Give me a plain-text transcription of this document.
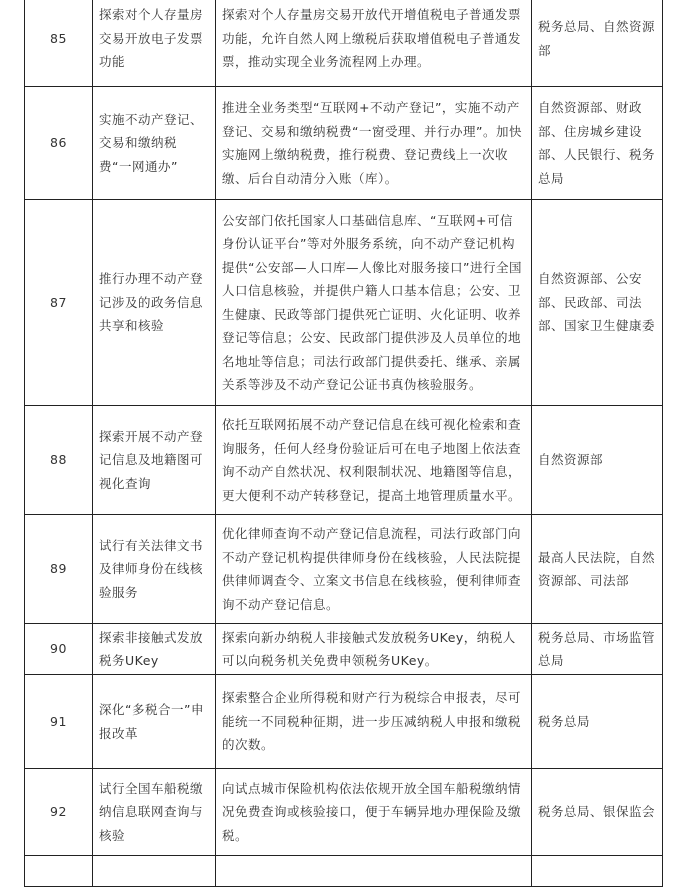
85	探索对个人存量房交易开放电子发票功能	探索对个人存量房交易开放代开增值税电子普通发票功能，允许自然人网上缴税后获取增值税电子普通发票，推动实现全业务流程网上办理。	税务总局、自然资源部
86	实施不动产登记、交易和缴纳税费“一网通办”	推进全业务类型“互联网+不动产登记”，实施不动产登记、交易和缴纳税费“一窗受理、并行办理”。加快实施网上缴纳税费，推行税费、登记费线上一次收缴、后台自动清分入账（库）。	自然资源部、财政部、住房城乡建设部、人民银行、税务总局
87	推行办理不动产登记涉及的政务信息共享和核验	公安部门依托国家人口基础信息库、“互联网+可信身份认证平台”等对外服务系统，向不动产登记机构提供“公安部—人口库—人像比对服务接口”进行全国人口信息核验，并提供户籍人口基本信息；公安、卫生健康、民政等部门提供死亡证明、火化证明、收养登记等信息；公安、民政部门提供涉及人员单位的地名地址等信息；司法行政部门提供委托、继承、亲属关系等涉及不动产登记公证书真伪核验服务。	自然资源部、公安部、民政部、司法部、国家卫生健康委
88	探索开展不动产登记信息及地籍图可视化查询	依托互联网拓展不动产登记信息在线可视化检索和查询服务，任何人经身份验证后可在电子地图上依法查询不动产自然状况、权利限制状况、地籍图等信息，更大便利不动产转移登记，提高土地管理质量水平。	自然资源部
89	试行有关法律文书及律师身份在线核验服务	优化律师查询不动产登记信息流程，司法行政部门向不动产登记机构提供律师身份在线核验，人民法院提供律师调查令、立案文书信息在线核验，便利律师查询不动产登记信息。	最高人民法院，自然资源部、司法部
90	探索非接触式发放税务UKey	探索向新办纳税人非接触式发放税务UKey，纳税人可以向税务机关免费申领税务UKey。	税务总局、市场监管总局
91	深化“多税合一”申报改革	探索整合企业所得税和财产行为税综合申报表，尽可能统一不同税种征期，进一步压减纳税人申报和缴税的次数。	税务总局
92	试行全国车船税缴纳信息联网查询与核验	向试点城市保险机构依法依规开放全国车船税缴纳情况免费查询或核验接口，便于车辆异地办理保险及缴税。	税务总局、银保监会
